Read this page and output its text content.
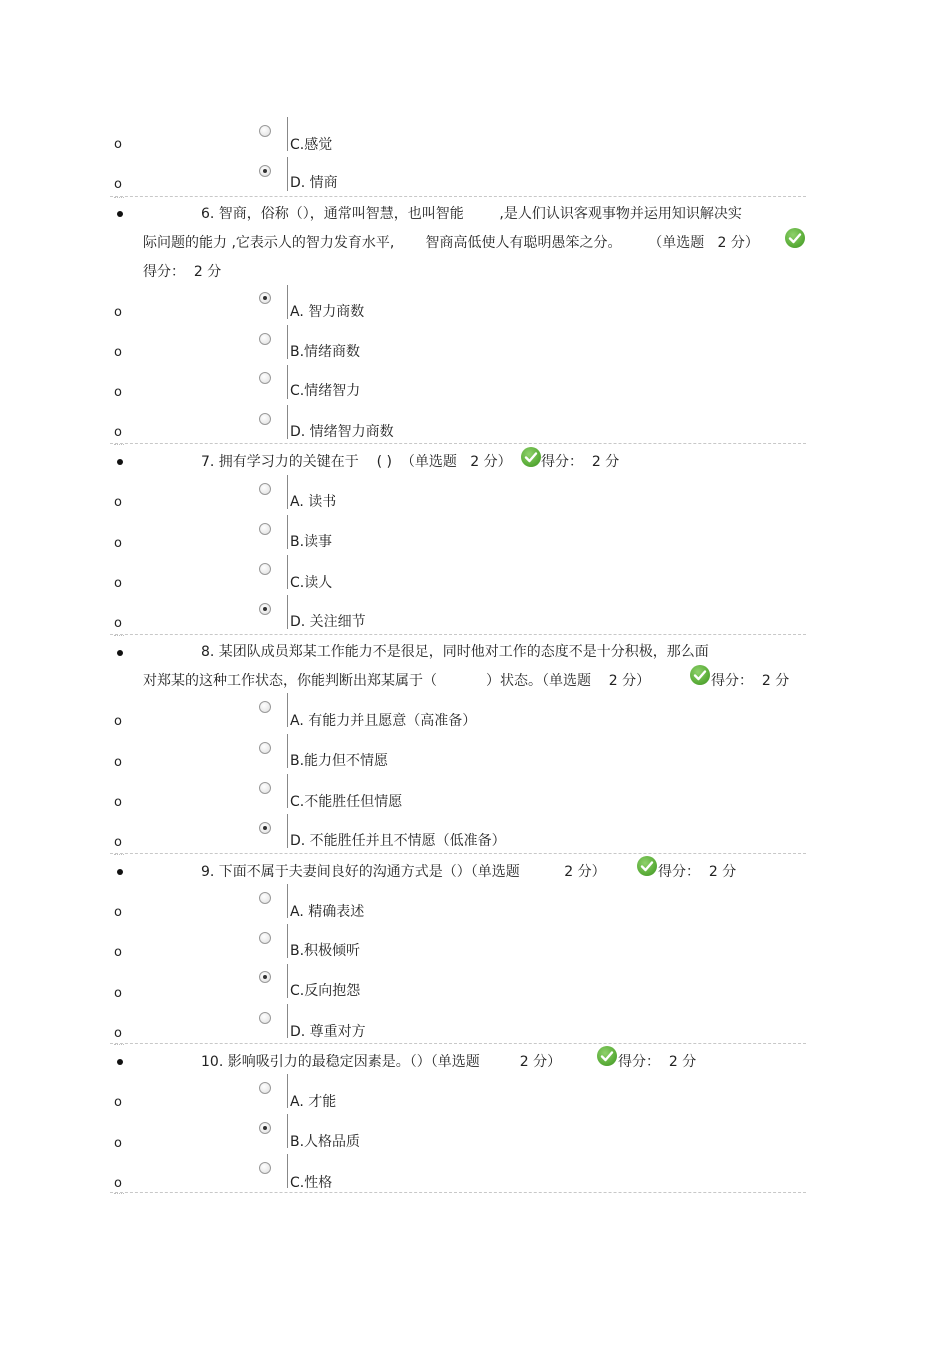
o	C.感觉
o	D. 情商
6. 智商，俗称（），通常叫智慧，也叫智能        ,是人们认识客观事物并运用知识解决实
际问题的能力 ,它表示人的智力发育水平,       智商高低使人有聪明愚笨之分。      （单选题   2 分）
得分：  2 分
o	A. 智力商数
o	B.情绪商数
o	C.情绪智力
o	D. 情绪智力商数
7. 拥有学习力的关键在于    ( )  （单选题   2 分） 得分：  2 分
o	A. 读书
o	B.读事
o	C.读人
o	D. 关注细节
8. 某团队成员郑某工作能力不是很足，同时他对工作的态度不是十分积极，那么面
对郑某的这种工作状态，你能判断出郑某属于（           ）状态。（单选题    2 分）	得分：  2 分
o	A. 有能力并且愿意（高准备）
o	B.能力但不情愿
o	C.不能胜任但情愿
o	D. 不能胜任并且不情愿（低准备）
9. 下面不属于夫妻间良好的沟通方式是（）（单选题          2 分）	得分：  2 分
o	A. 精确表述
o	B.积极倾听
o	C.反向抱怨
o	D. 尊重对方
10. 影响吸引力的最稳定因素是。（）（单选题         2 分）	得分：  2 分
o	A. 才能
o	B.人格品质
o	C.性格
